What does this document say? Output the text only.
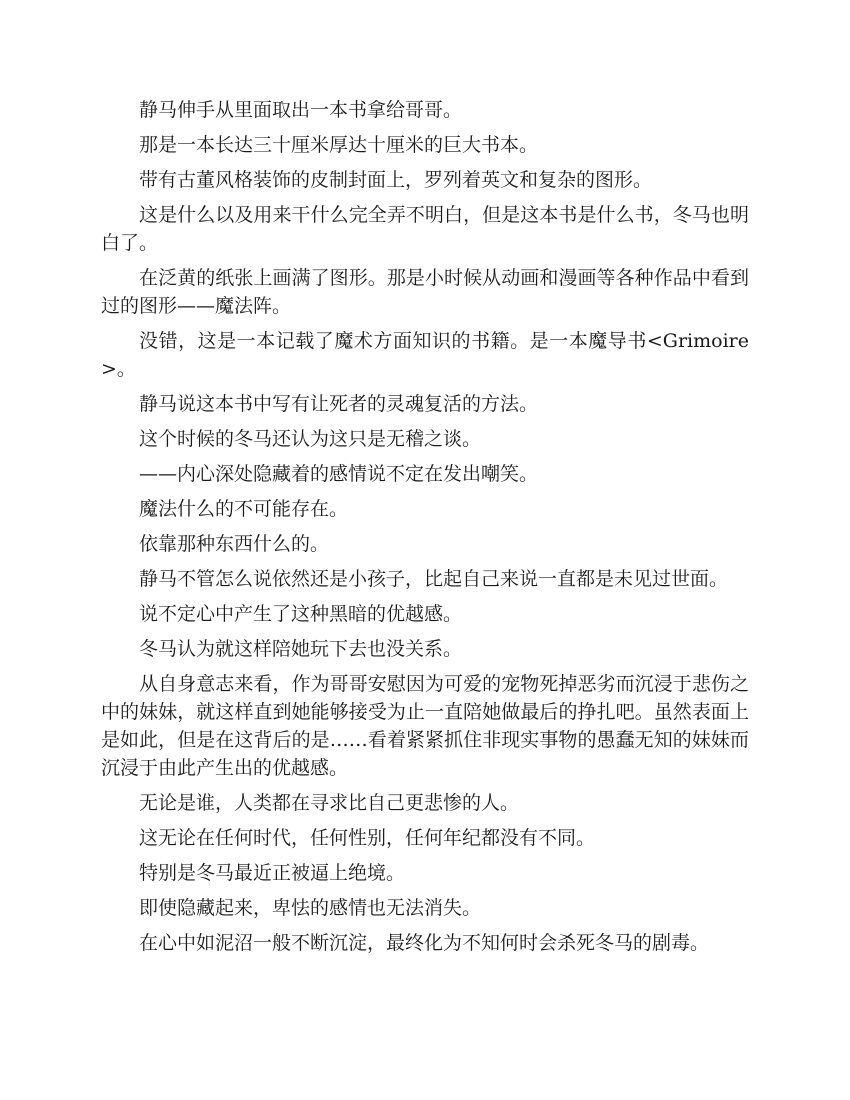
静马伸手从里面取出一本书拿给哥哥。

那是一本长达三十厘米厚达十厘米的巨大书本。

带有古董风格装饰的皮制封面上，罗列着英文和复杂的图形。

这是什么以及用来干什么完全弄不明白，但是这本书是什么书，冬马也明白了。

在泛黄的纸张上画满了图形。那是小时候从动画和漫画等各种作品中看到过的图形——魔法阵。

没错，这是一本记载了魔术方面知识的书籍。是一本魔导书<Grimoire>。

静马说这本书中写有让死者的灵魂复活的方法。

这个时候的冬马还认为这只是无稽之谈。

——内心深处隐藏着的感情说不定在发出嘲笑。

魔法什么的不可能存在。

依靠那种东西什么的。

静马不管怎么说依然还是小孩子，比起自己来说一直都是未见过世面。

说不定心中产生了这种黑暗的优越感。

冬马认为就这样陪她玩下去也没关系。

从自身意志来看，作为哥哥安慰因为可爱的宠物死掉恶劣而沉浸于悲伤之中的妹妹，就这样直到她能够接受为止一直陪她做最后的挣扎吧。虽然表面上是如此，但是在这背后的是……看着紧紧抓住非现实事物的愚蠢无知的妹妹而沉浸于由此产生出的优越感。

无论是谁，人类都在寻求比自己更悲惨的人。

这无论在任何时代，任何性别，任何年纪都没有不同。

特别是冬马最近正被逼上绝境。

即使隐藏起来，卑怯的感情也无法消失。

在心中如泥沼一般不断沉淀，最终化为不知何时会杀死冬马的剧毒。
